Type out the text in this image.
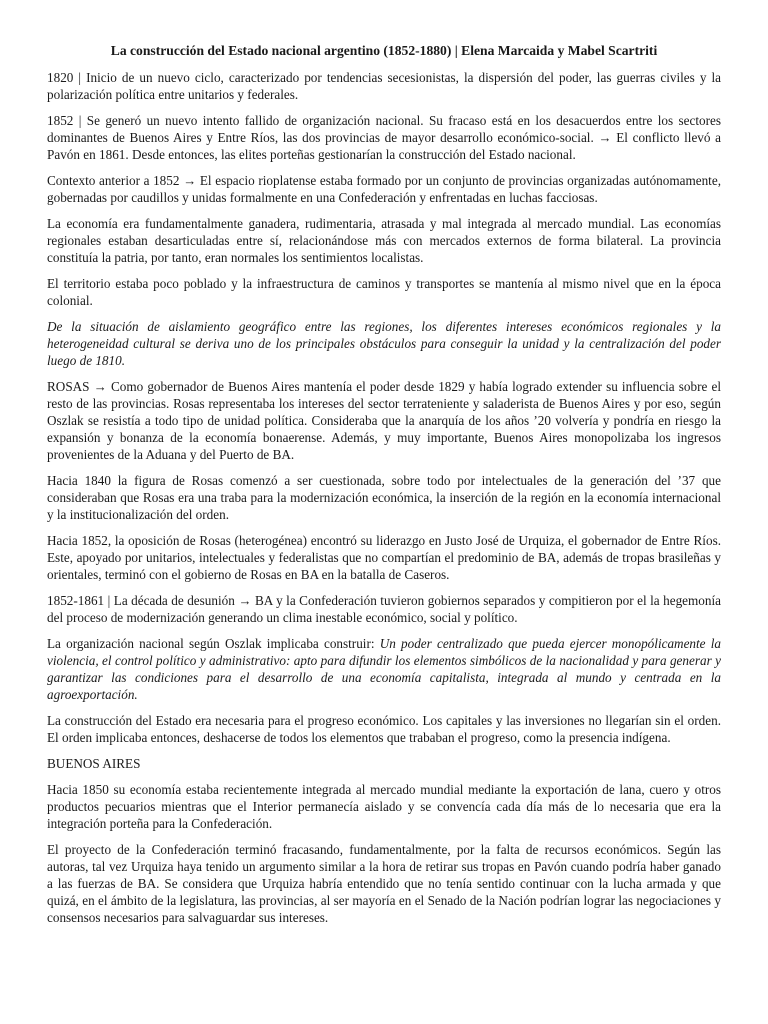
La construcción del Estado nacional argentino (1852-1880) | Elena Marcaida y Mabel Scartriti

1820 | Inicio de un nuevo ciclo, caracterizado por tendencias secesionistas, la dispersión del poder, las guerras civiles y la polarización política entre unitarios y federales.

1852 | Se generó un nuevo intento fallido de organización nacional. Su fracaso está en los desacuerdos entre los sectores dominantes de Buenos Aires y Entre Ríos, las dos provincias de mayor desarrollo económico-social. → El conflicto llevó a Pavón en 1861. Desde entonces, las elites porteñas gestionarían la construcción del Estado nacional.

Contexto anterior a 1852 → El espacio rioplatense estaba formado por un conjunto de provincias organizadas autónomamente, gobernadas por caudillos y unidas formalmente en una Confederación y enfrentadas en luchas facciosas.

La economía era fundamentalmente ganadera, rudimentaria, atrasada y mal integrada al mercado mundial. Las economías regionales estaban desarticuladas entre sí, relacionándose más con mercados externos de forma bilateral. La provincia constituía la patria, por tanto, eran normales los sentimientos localistas.

El territorio estaba poco poblado y la infraestructura de caminos y transportes se mantenía al mismo nivel que en la época colonial.

De la situación de aislamiento geográfico entre las regiones, los diferentes intereses económicos regionales y la heterogeneidad cultural se deriva uno de los principales obstáculos para conseguir la unidad y la centralización del poder luego de 1810.

ROSAS → Como gobernador de Buenos Aires mantenía el poder desde 1829 y había logrado extender su influencia sobre el resto de las provincias. Rosas representaba los intereses del sector terrateniente y saladerista de Buenos Aires y por eso, según Oszlak se resistía a todo tipo de unidad política. Consideraba que la anarquía de los años ’20 volvería y pondría en riesgo la expansión y bonanza de la economía bonaerense. Además, y muy importante, Buenos Aires monopolizaba los ingresos provenientes de la Aduana y del Puerto de BA.

Hacia 1840 la figura de Rosas comenzó a ser cuestionada, sobre todo por intelectuales de la generación del ’37 que consideraban que Rosas era una traba para la modernización económica, la inserción de la región en la economía internacional y la institucionalización del orden.

Hacia 1852, la oposición de Rosas (heterogénea) encontró su liderazgo en Justo José de Urquiza, el gobernador de Entre Ríos. Este, apoyado por unitarios, intelectuales y federalistas que no compartían el predominio de BA, además de tropas brasileñas y orientales, terminó con el gobierno de Rosas en BA en la batalla de Caseros.

1852-1861 | La década de desunión → BA y la Confederación tuvieron gobiernos separados y compitieron por el la hegemonía del proceso de modernización generando un clima inestable económico, social y político.

La organización nacional según Oszlak implicaba construir: Un poder centralizado que pueda ejercer monopólicamente la violencia, el control político y administrativo: apto para difundir los elementos simbólicos de la nacionalidad y para generar y garantizar las condiciones para el desarrollo de una economía capitalista, integrada al mundo y centrada en la agroexportación.

La construcción del Estado era necesaria para el progreso económico. Los capitales y las inversiones no llegarían sin el orden. El orden implicaba entonces, deshacerse de todos los elementos que trababan el progreso, como la presencia indígena.

BUENOS AIRES

Hacia 1850 su economía estaba recientemente integrada al mercado mundial mediante la exportación de lana, cuero y otros productos pecuarios mientras que el Interior permanecía aislado y se convencía cada día más de lo necesaria que era la integración porteña para la Confederación.

El proyecto de la Confederación terminó fracasando, fundamentalmente, por la falta de recursos económicos. Según las autoras, tal vez Urquiza haya tenido un argumento similar a la hora de retirar sus tropas en Pavón cuando podría haber ganado a las fuerzas de BA. Se considera que Urquiza habría entendido que no tenía sentido continuar con la lucha armada y que quizá, en el ámbito de la legislatura, las provincias, al ser mayoría en el Senado de la Nación podrían lograr las negociaciones y consensos necesarios para salvaguardar sus intereses.
